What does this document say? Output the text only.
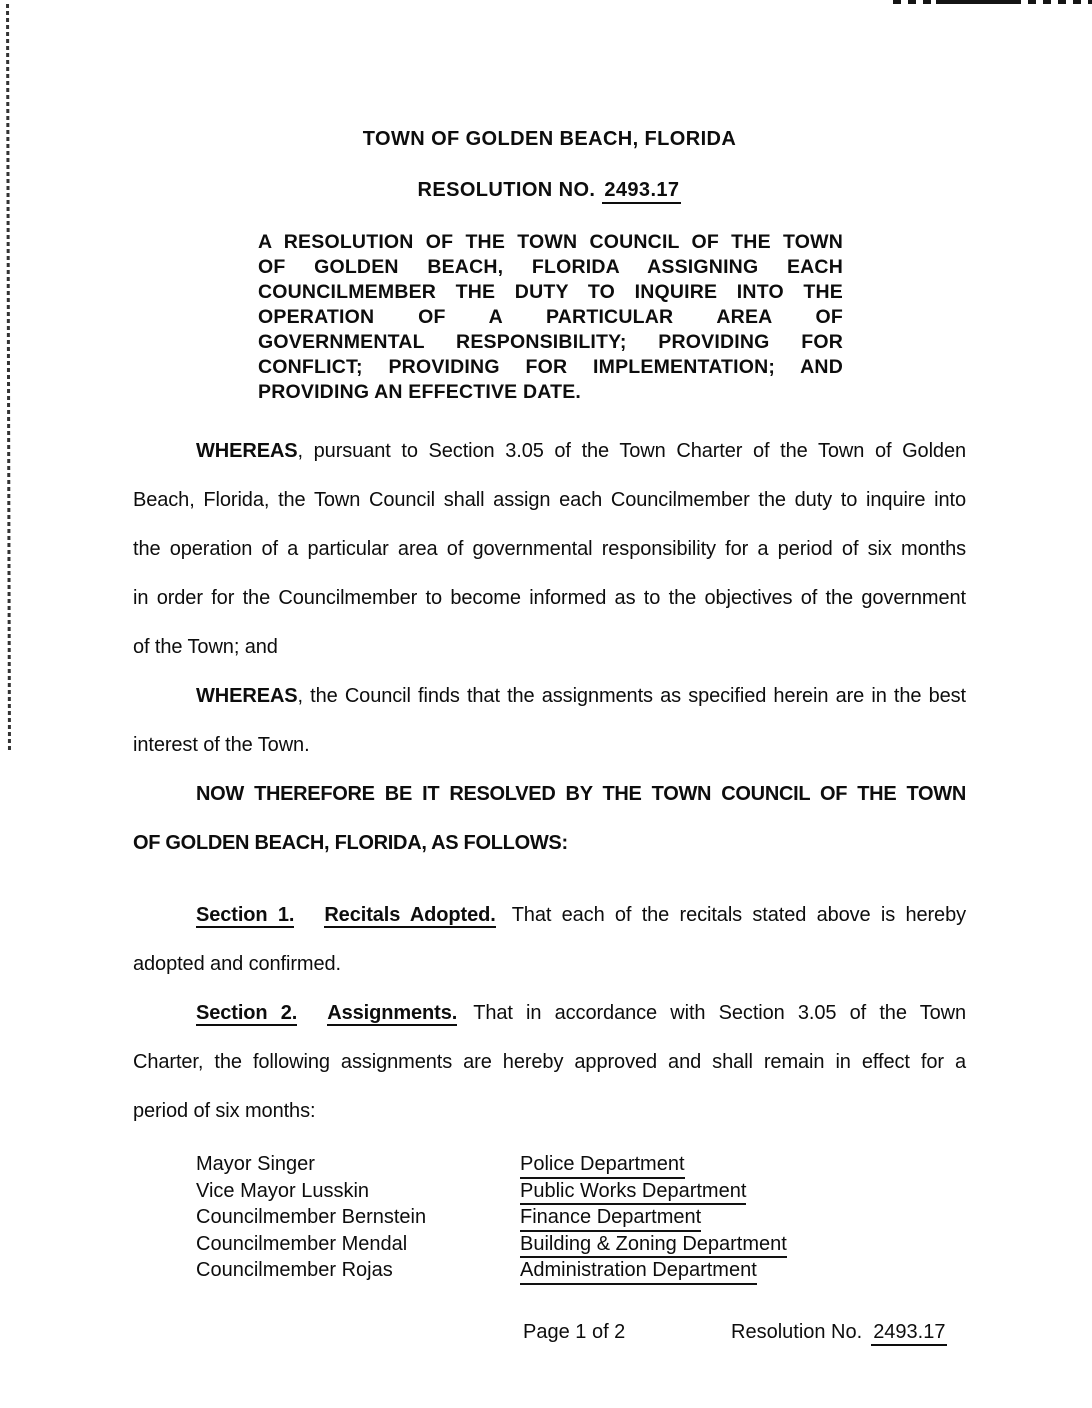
TOWN OF GOLDEN BEACH, FLORIDA
RESOLUTION NO. 2493.17
A RESOLUTION OF THE TOWN COUNCIL OF THE TOWN
OF GOLDEN BEACH, FLORIDA ASSIGNING EACH
COUNCILMEMBER THE DUTY TO INQUIRE INTO THE
OPERATION OF A PARTICULAR AREA OF
GOVERNMENTAL RESPONSIBILITY; PROVIDING FOR
CONFLICT; PROVIDING FOR IMPLEMENTATION; AND
PROVIDING AN EFFECTIVE DATE.
WHEREAS, pursuant to Section 3.05 of the Town Charter of the Town of Golden
Beach, Florida, the Town Council shall assign each Councilmember the duty to inquire into
the operation of a particular area of governmental responsibility for a period of six months
in order for the Councilmember to become informed as to the objectives of the government
of the Town; and
WHEREAS, the Council finds that the assignments as specified herein are in the best
interest of the Town.
NOW THEREFORE BE IT RESOLVED BY THE TOWN COUNCIL OF THE TOWN
OF GOLDEN BEACH, FLORIDA, AS FOLLOWS:
Section 1. Recitals Adopted. That each of the recitals stated above is hereby
adopted and confirmed.
Section 2. Assignments. That in accordance with Section 3.05 of the Town
Charter, the following assignments are hereby approved and shall remain in effect for a
period of six months:
Mayor Singer	Police Department
Vice Mayor Lusskin	Public Works Department
Councilmember Bernstein	Finance Department
Councilmember Mendal	Building & Zoning Department
Councilmember Rojas	Administration Department
Page 1 of 2	Resolution No. 2493.17
